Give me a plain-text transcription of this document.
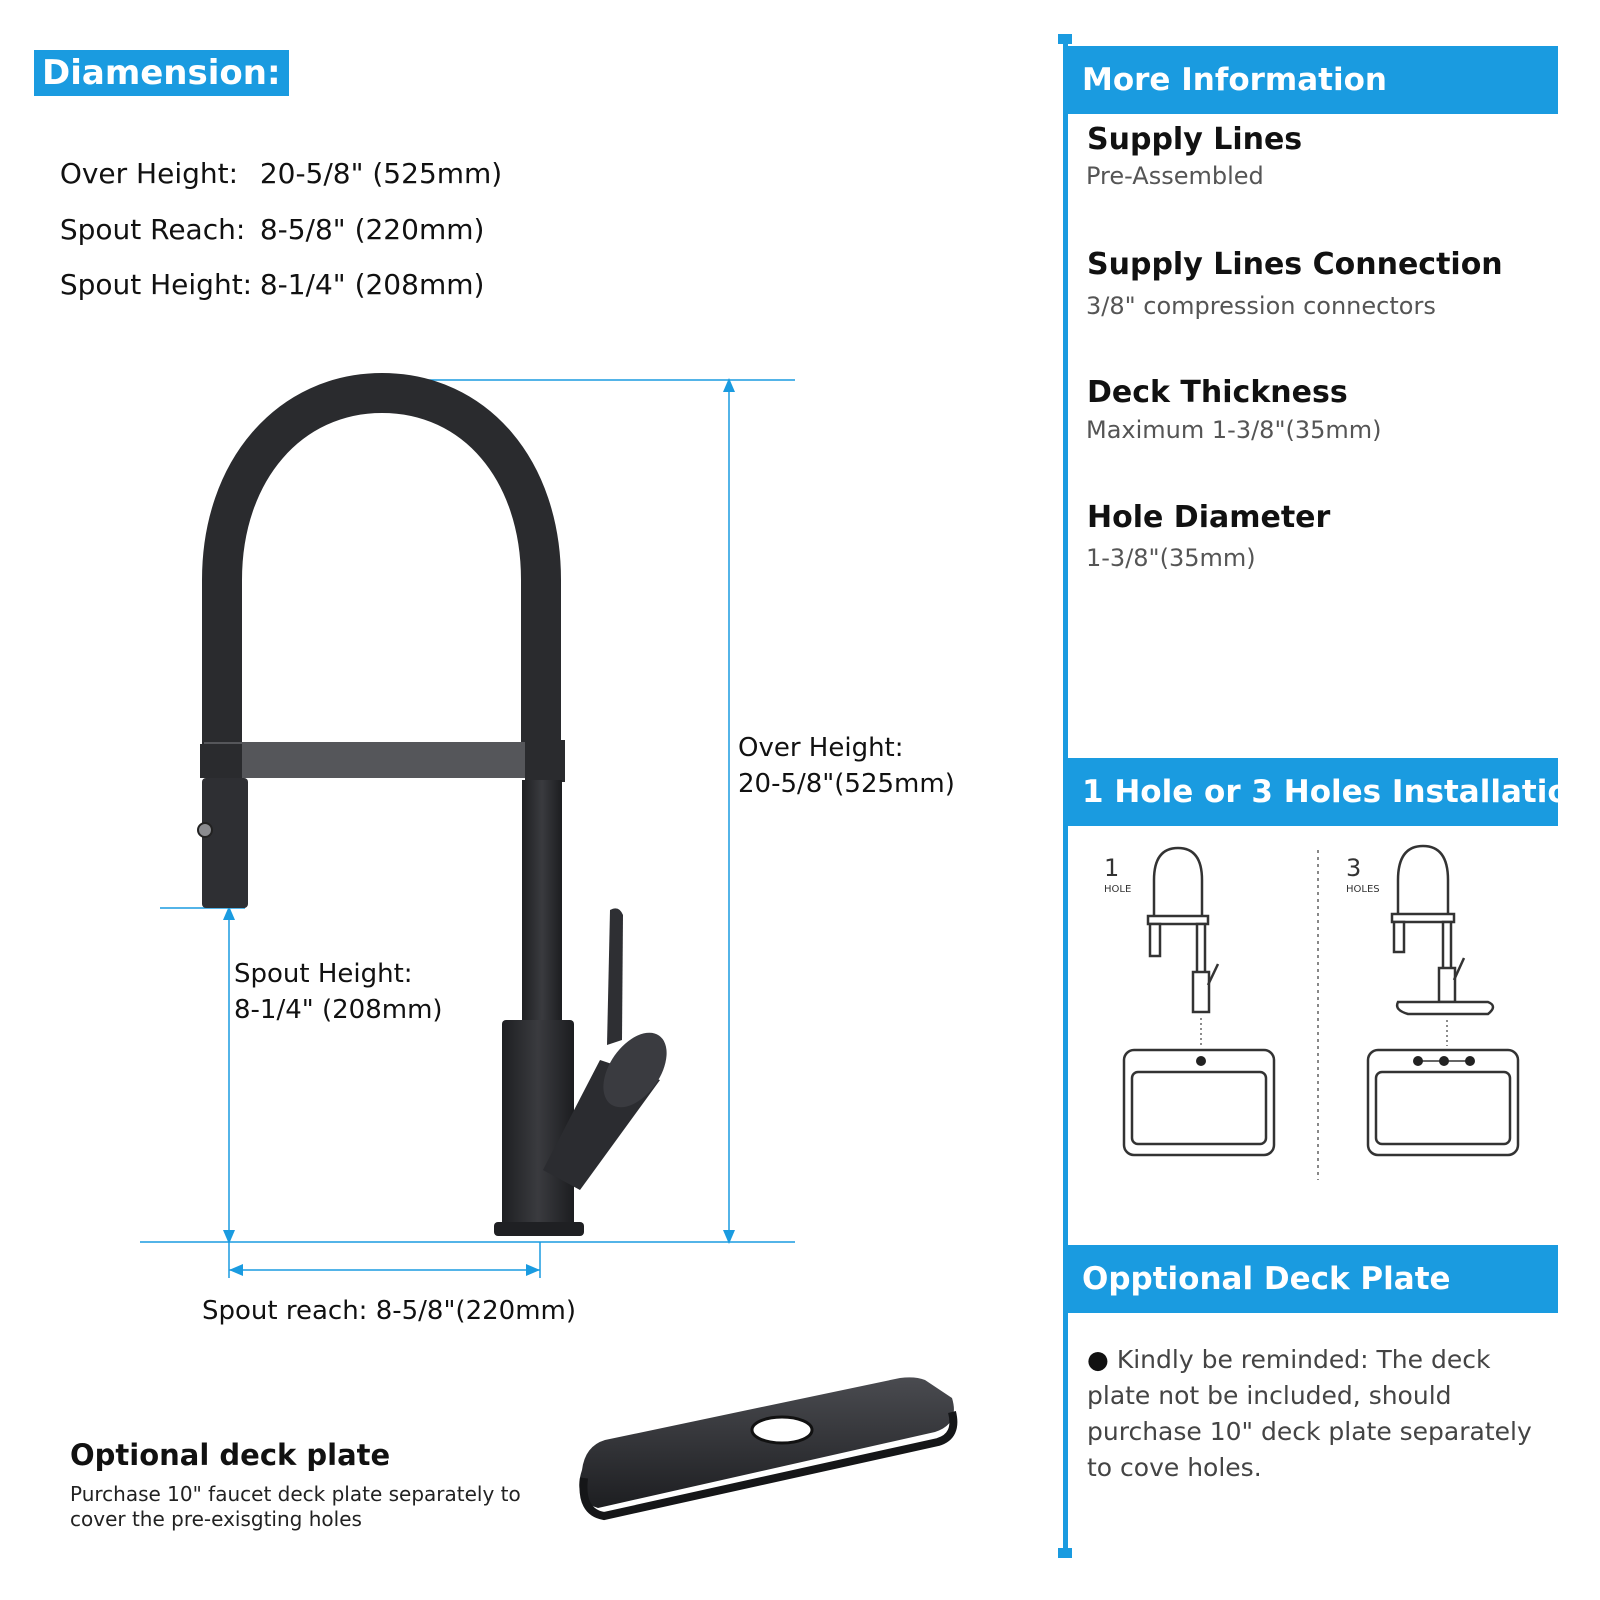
Diamension:

Over Height: 20-5/8" (525mm)

Spout Reach: 8-5/8" (220mm)

Spout Height: 8-1/4" (208mm)

Over Height:
20-5/8"(525mm)
Spout Height:
8-1/4" (208mm)
Spout reach: 8-5/8"(220mm)
Optional deck plate
Purchase 10" faucet deck plate separately to cover the pre-exisgting holes
More Information
Supply Lines
Pre-Assembled
Supply Lines Connection
3/8" compression connectors
Deck Thickness
Maximum 1-3/8"(35mm)
Hole Diameter
1-3/8"(35mm)
1 Hole or 3 Holes Installation
1
HOLE
3
HOLES
Opptional Deck Plate
● Kindly be reminded: The deck plate not be included, should purchase 10" deck plate separately to cove holes.
